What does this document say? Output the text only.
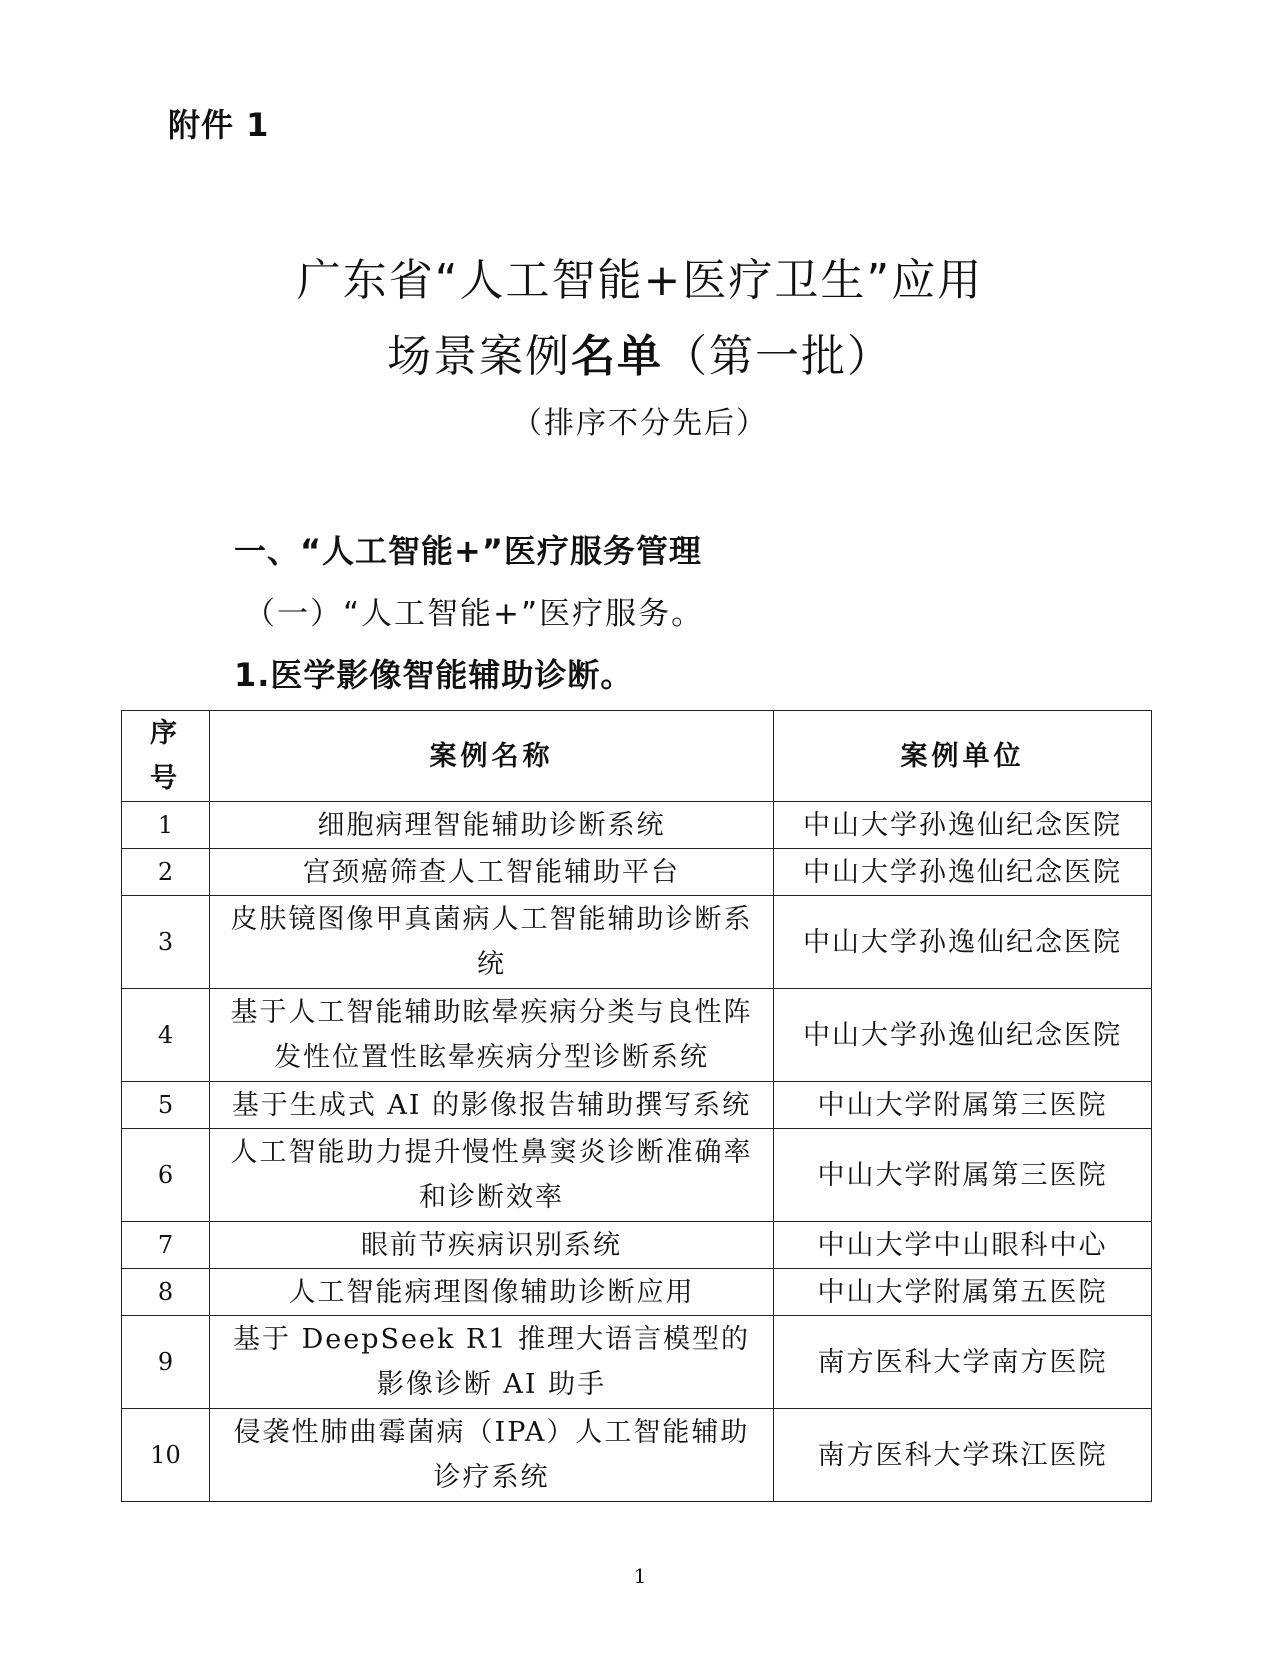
附件 1
广东省“人工智能+医疗卫生”应用
场景案例名单（第一批）
（排序不分先后）
一、“人工智能+”医疗服务管理
（一）“人工智能+”医疗服务。
1.医学影像智能辅助诊断。
序号	案例名称	案例单位
1	细胞病理智能辅助诊断系统	中山大学孙逸仙纪念医院
2	宫颈癌筛查人工智能辅助平台	中山大学孙逸仙纪念医院
3	皮肤镜图像甲真菌病人工智能辅助诊断系统	中山大学孙逸仙纪念医院
4	基于人工智能辅助眩晕疾病分类与良性阵发性位置性眩晕疾病分型诊断系统	中山大学孙逸仙纪念医院
5	基于生成式 AI 的影像报告辅助撰写系统	中山大学附属第三医院
6	人工智能助力提升慢性鼻窦炎诊断准确率和诊断效率	中山大学附属第三医院
7	眼前节疾病识别系统	中山大学中山眼科中心
8	人工智能病理图像辅助诊断应用	中山大学附属第五医院
9	基于 DeepSeek R1 推理大语言模型的影像诊断 AI 助手	南方医科大学南方医院
10	侵袭性肺曲霉菌病（IPA）人工智能辅助诊疗系统	南方医科大学珠江医院
1
